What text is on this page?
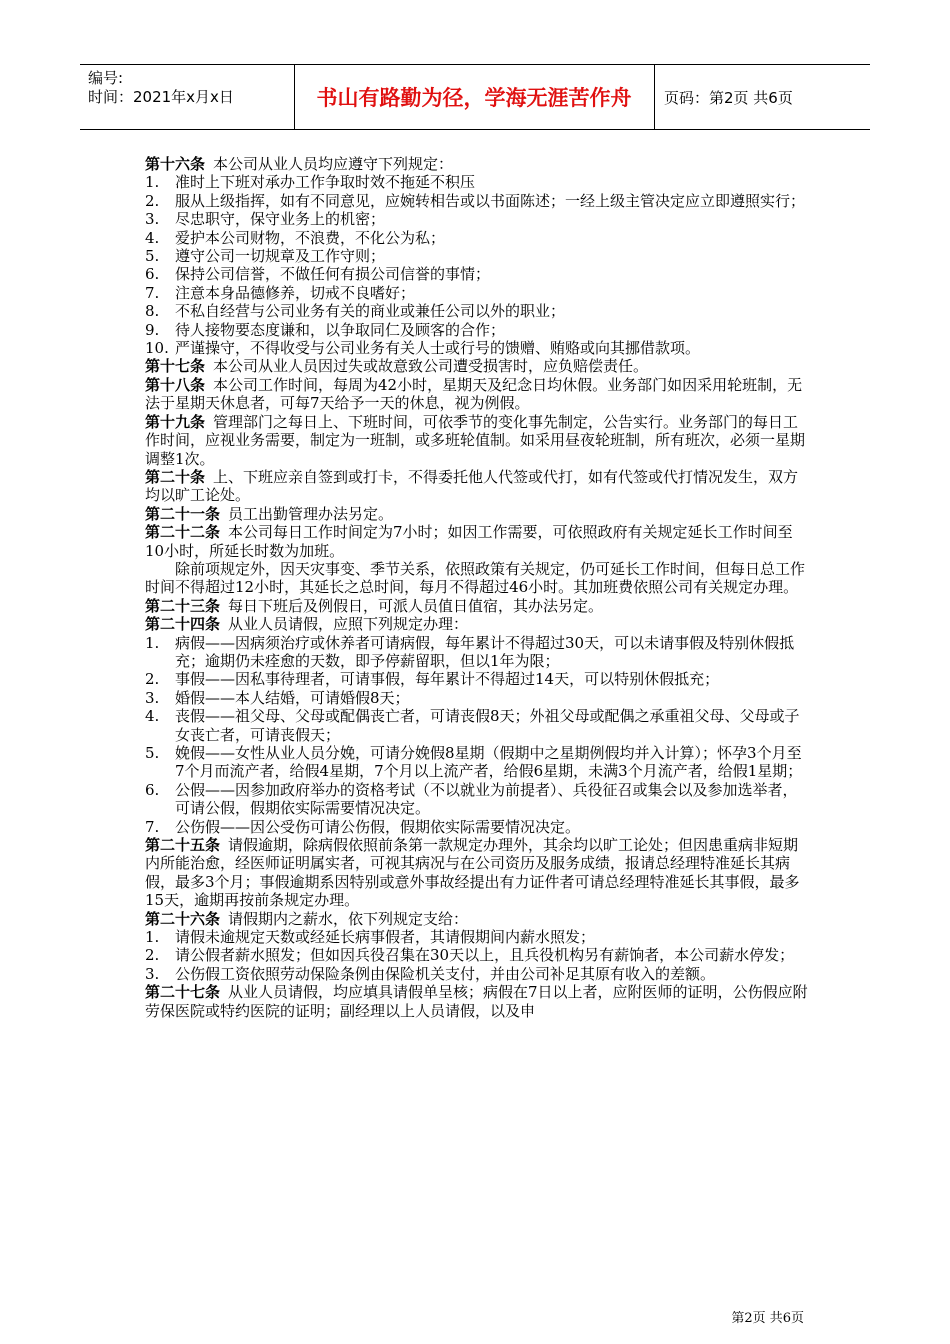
编号:
时间：2021年x月x日	书山有路勤为径，学海无涯苦作舟	页码：第2页 共6页

第十六条 本公司从业人员均应遵守下列规定：

1. 准时上下班对承办工作争取时效不拖延不积压
2. 服从上级指挥，如有不同意见，应婉转相告或以书面陈述；一经上级主管决定应立即遵照实行；
3. 尽忠职守，保守业务上的机密；
4. 爱护本公司财物，不浪费，不化公为私；
5. 遵守公司一切规章及工作守则；
6. 保持公司信誉，不做任何有损公司信誉的事情；
7. 注意本身品德修养，切戒不良嗜好；
8. 不私自经营与公司业务有关的商业或兼任公司以外的职业；
9. 待人接物要态度谦和，以争取同仁及顾客的合作；
10. 严谨操守，不得收受与公司业务有关人士或行号的馈赠、贿赂或向其挪借款项。

第十七条 本公司从业人员因过失或故意致公司遭受损害时，应负赔偿责任。

第十八条 本公司工作时间，每周为42小时，星期天及纪念日均休假。业务部门如因采用轮班制，无法于星期天休息者，可每7天给予一天的休息，视为例假。

第十九条 管理部门之每日上、下班时间，可依季节的变化事先制定，公告实行。业务部门的每日工作时间，应视业务需要，制定为一班制，或多班轮值制。如采用昼夜轮班制，所有班次，必须一星期调整1次。

第二十条 上、下班应亲自签到或打卡，不得委托他人代签或代打，如有代签或代打情况发生，双方均以旷工论处。

第二十一条 员工出勤管理办法另定。

第二十二条 本公司每日工作时间定为7小时；如因工作需要，可依照政府有关规定延长工作时间至10小时，所延长时数为加班。

除前项规定外，因天灾事变、季节关系，依照政策有关规定，仍可延长工作时间，但每日总工作时间不得超过12小时，其延长之总时间，每月不得超过46小时。其加班费依照公司有关规定办理。

第二十三条 每日下班后及例假日，可派人员值日值宿，其办法另定。

第二十四条 从业人员请假，应照下列规定办理：

1. 病假——因病须治疗或休养者可请病假，每年累计不得超过30天，可以未请事假及特别休假抵充；逾期仍未痊愈的天数，即予停薪留职，但以1年为限；
2. 事假——因私事待理者，可请事假，每年累计不得超过14天，可以特别休假抵充；
3. 婚假——本人结婚，可请婚假8天；
4. 丧假——祖父母、父母或配偶丧亡者，可请丧假8天；外祖父母或配偶之承重祖父母、父母或子女丧亡者，可请丧假天；
5. 娩假——女性从业人员分娩，可请分娩假8星期（假期中之星期例假均并入计算）；怀孕3个月至7个月而流产者，给假4星期，7个月以上流产者，给假6星期，未满3个月流产者，给假1星期；
6. 公假——因参加政府举办的资格考试（不以就业为前提者）、兵役征召或集会以及参加选举者，可请公假，假期依实际需要情况决定。
7. 公伤假——因公受伤可请公伤假，假期依实际需要情况决定。

第二十五条 请假逾期，除病假依照前条第一款规定办理外，其余均以旷工论处；但因患重病非短期内所能治愈，经医师证明属实者，可视其病况与在公司资历及服务成绩，报请总经理特准延长其病假，最多3个月；事假逾期系因特别或意外事故经提出有力证件者可请总经理特准延长其事假，最多15天，逾期再按前条规定办理。

第二十六条 请假期内之薪水，依下列规定支给：

1. 请假未逾规定天数或经延长病事假者，其请假期间内薪水照发；
2. 请公假者薪水照发；但如因兵役召集在30天以上，且兵役机构另有薪饷者，本公司薪水停发；
3. 公伤假工资依照劳动保险条例由保险机关支付，并由公司补足其原有收入的差额。

第二十七条 从业人员请假，均应填具请假单呈核；病假在7日以上者，应附医师的证明，公伤假应附劳保医院或特约医院的证明；副经理以上人员请假，以及申

第2页 共6页
